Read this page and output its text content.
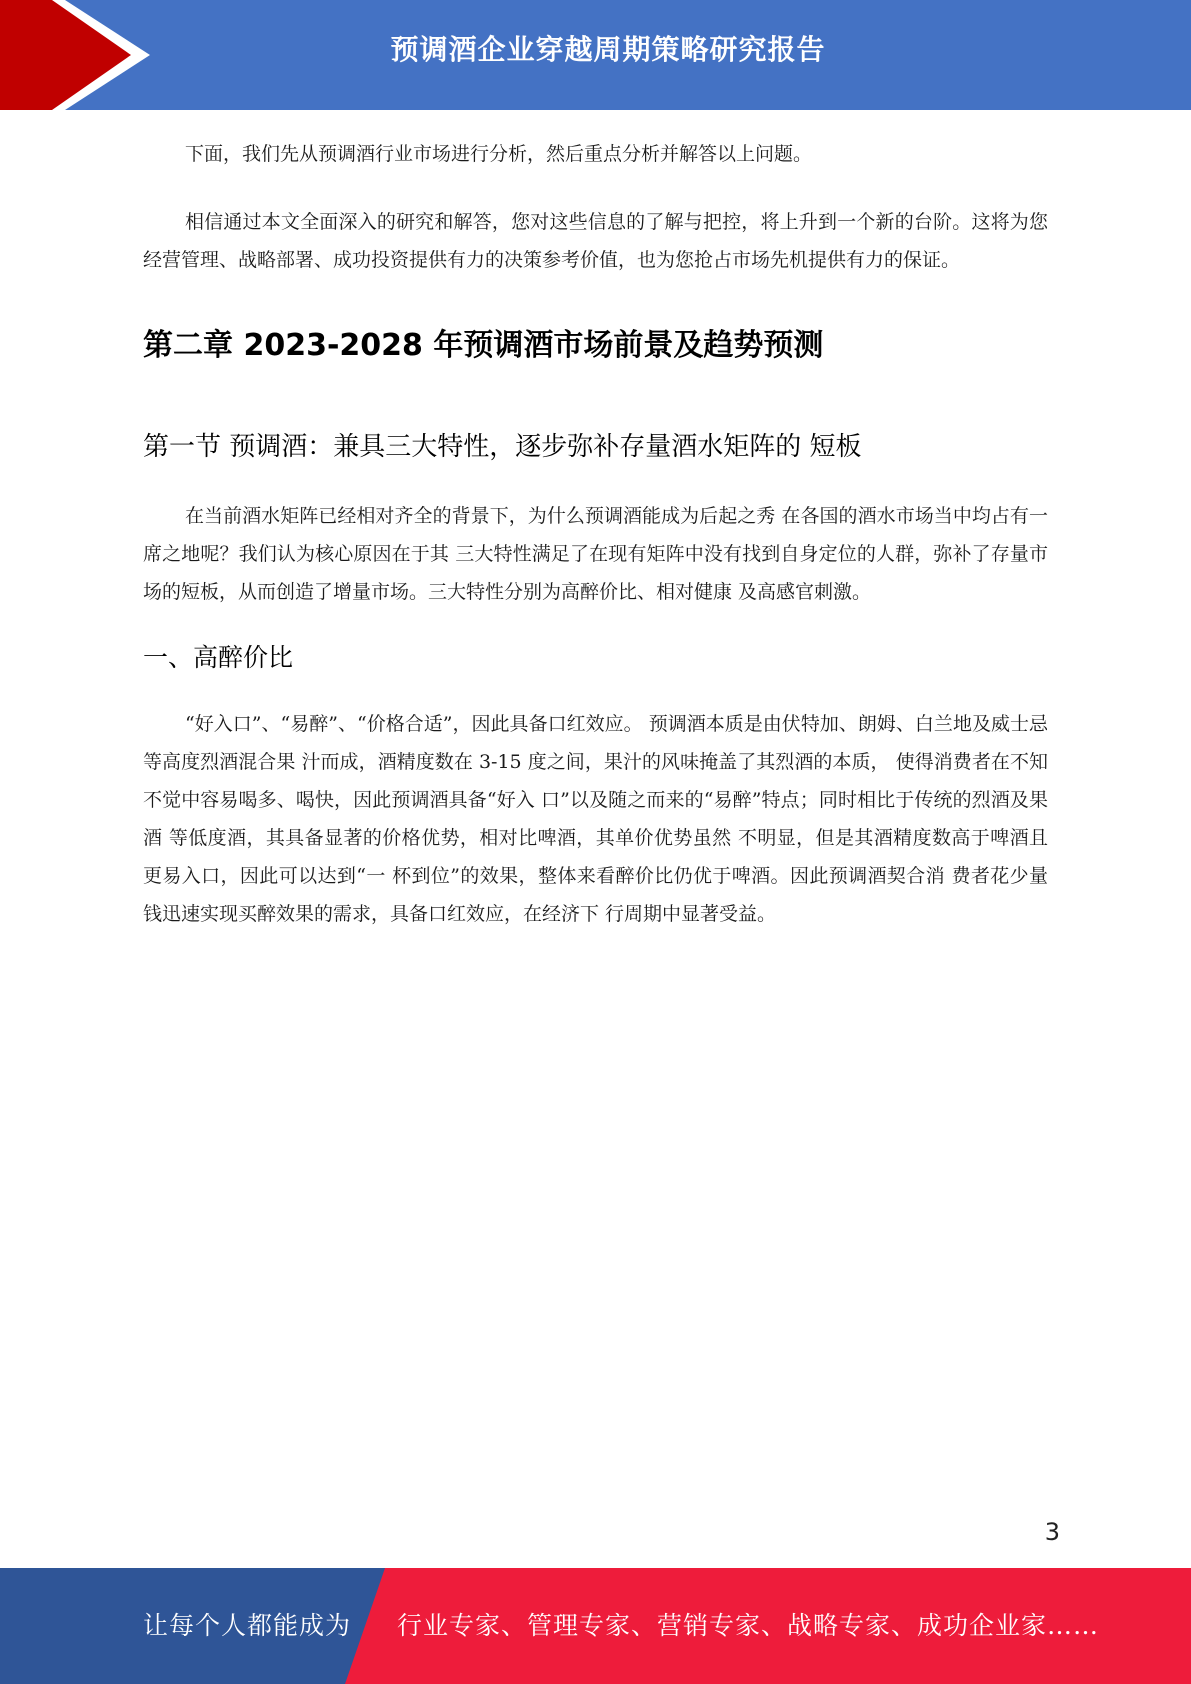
预调酒企业穿越周期策略研究报告

下面，我们先从预调酒行业市场进行分析，然后重点分析并解答以上问题。

相信通过本文全面深入的研究和解答，您对这些信息的了解与把控，将上升到一个新的台阶。这将为您经营管理、战略部署、成功投资提供有力的决策参考价值，也为您抢占市场先机提供有力的保证。

第二章 2023-2028 年预调酒市场前景及趋势预测
第一节 预调酒：兼具三大特性，逐步弥补存量酒水矩阵的 短板

在当前酒水矩阵已经相对齐全的背景下，为什么预调酒能成为后起之秀 在各国的酒水市场当中均占有一席之地呢？我们认为核心原因在于其 三大特性满足了在现有矩阵中没有找到自身定位的人群，弥补了存量市 场的短板，从而创造了增量市场。三大特性分别为高醉价比、相对健康 及高感官刺激。

一、高醉价比

“好入口”、“易醉”、“价格合适”，因此具备口红效应。 预调酒本质是由伏特加、朗姆、白兰地及威士忌等高度烈酒混合果 汁而成，酒精度数在 3-15 度之间，果汁的风味掩盖了其烈酒的本质， 使得消费者在不知不觉中容易喝多、喝快，因此预调酒具备“好入 口”以及随之而来的“易醉”特点；同时相比于传统的烈酒及果酒 等低度酒，其具备显著的价格优势，相对比啤酒，其单价优势虽然 不明显，但是其酒精度数高于啤酒且更易入口，因此可以达到“一 杯到位”的效果，整体来看醉价比仍优于啤酒。因此预调酒契合消 费者花少量钱迅速实现买醉效果的需求，具备口红效应，在经济下 行周期中显著受益。

3
让每个人都能成为 行业专家、管理专家、营销专家、战略专家、成功企业家……
